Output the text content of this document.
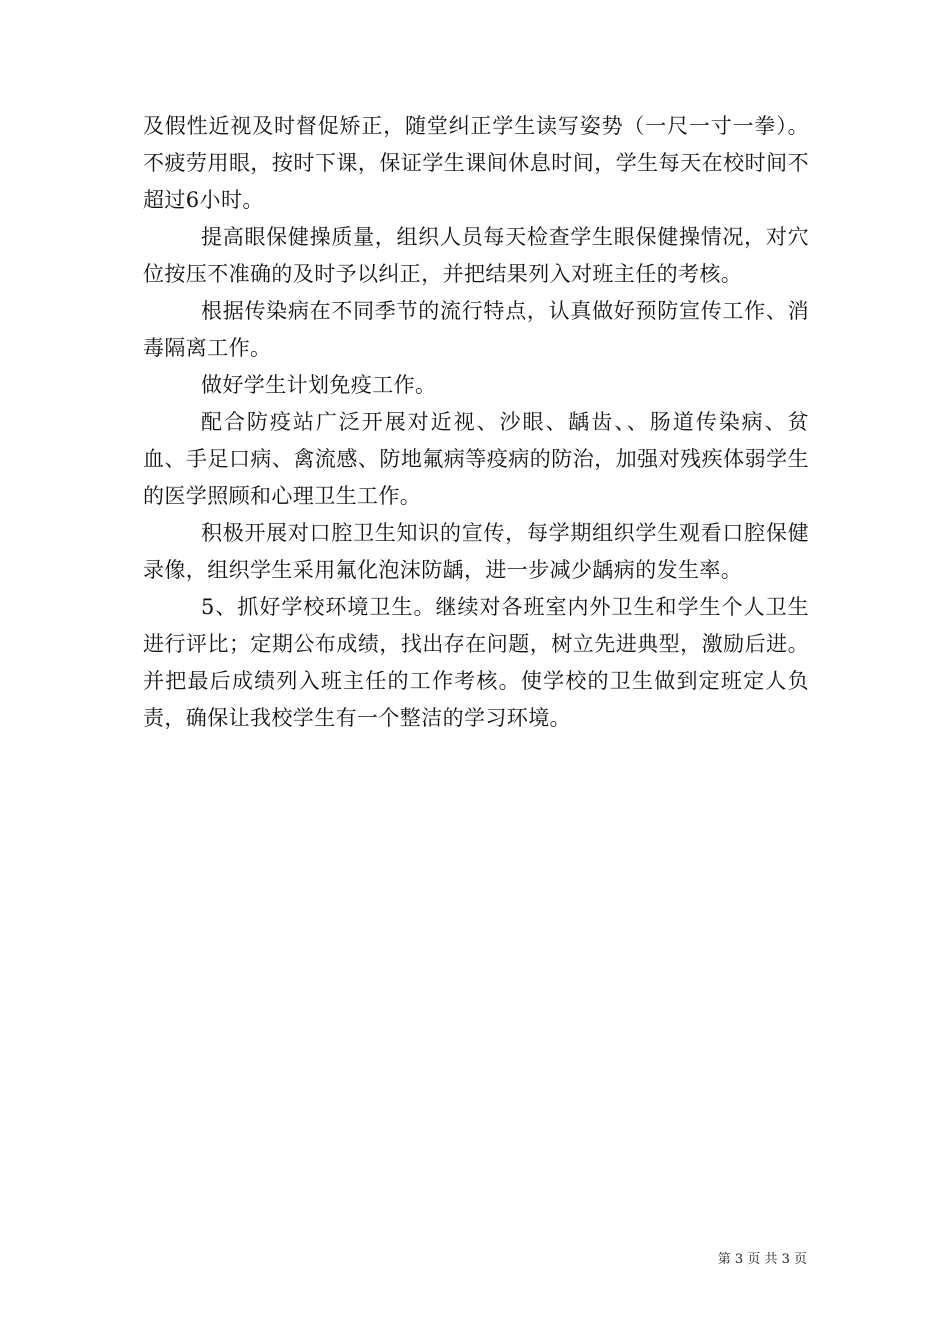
及假性近视及时督促矫正，随堂纠正学生读写姿势（一尺一寸一拳）。不疲劳用眼，按时下课，保证学生课间休息时间，学生每天在校时间不超过6小时。

提高眼保健操质量，组织人员每天检查学生眼保健操情况，对穴位按压不准确的及时予以纠正，并把结果列入对班主任的考核。

根据传染病在不同季节的流行特点，认真做好预防宣传工作、消毒隔离工作。

做好学生计划免疫工作。

配合防疫站广泛开展对近视、沙眼、龋齿、、肠道传染病、贫血、手足口病、禽流感、防地氟病等疫病的防治，加强对残疾体弱学生的医学照顾和心理卫生工作。

积极开展对口腔卫生知识的宣传，每学期组织学生观看口腔保健录像，组织学生采用氟化泡沫防龋，进一步减少龋病的发生率。

5、抓好学校环境卫生。继续对各班室内外卫生和学生个人卫生进行评比；定期公布成绩，找出存在问题，树立先进典型，激励后进。并把最后成绩列入班主任的工作考核。使学校的卫生做到定班定人负责，确保让我校学生有一个整洁的学习环境。

第 3 页 共 3 页
